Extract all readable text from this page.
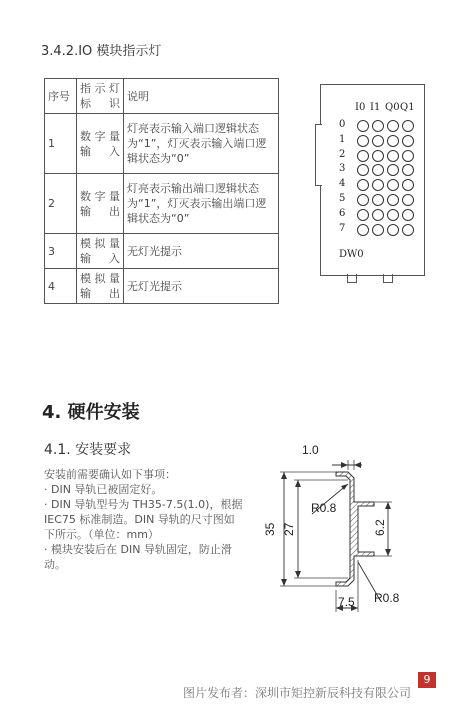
3.4.2.IO 模块指示灯
序号	指示灯标识	说明
1	数字量输入	灯亮表示输入端口逻辑状态为“1”，灯灭表示输入端口逻辑状态为“0”
2	数字量输出	灯亮表示输出端口逻辑状态为“1”，灯灭表示输出端口逻辑状态为“0”
3	模拟量输入	无灯光提示
4	模拟量输出	无灯光提示
DW0
I0 I1 Q0 Q1
0
1
2
3
4
5
6
7
4. 硬件安装
4.1. 安装要求

安装前需要确认如下事项：

· DIN 导轨已被固定好。

· DIN 导轨型号为 TH35-7.5(1.0)，根据 IEC75 标准制造。DIN 导轨的尺寸图如下所示。（单位：mm）

· 模块安装后在 DIN 导轨固定，防止滑动。

1.0
35 27
R0.8
6.2
7.5 R0.8
9
图片发布者：深圳市矩控新辰科技有限公司
